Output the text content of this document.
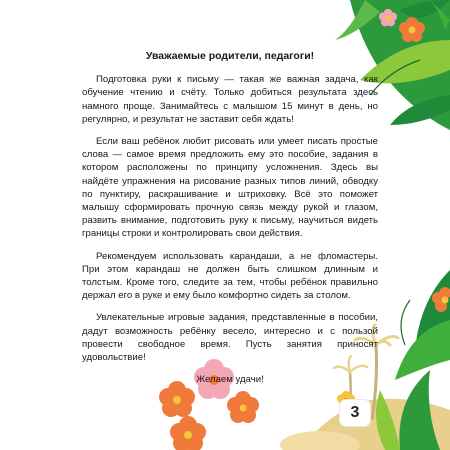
Уважаемые родители, педагоги!

Подготовка руки к письму — такая же важная задача, как обучение чтению и счёту. Только добиться результата здесь намного проще. Занимайтесь с малышом 15 минут в день, но регулярно, и результат не заставит себя ждать!

Если ваш ребёнок любит рисовать или умеет писать простые слова — самое время предложить ему это пособие, задания в котором расположены по принципу усложнения. Здесь вы найдёте упражнения на рисование разных типов линий, обводку по пунктиру, раскрашивание и штриховку. Всё это поможет малышу сформировать прочную связь между рукой и глазом, развить внимание, подготовить руку к письму, научиться видеть границы строки и контролировать свои действия.

Рекомендуем использовать карандаши, а не фломастеры. При этом карандаш не должен быть слишком длинным и толстым. Кроме того, следите за тем, чтобы ребёнок правильно держал его в руке и ему было комфортно сидеть за столом.

Увлекательные игровые задания, представленные в пособии, дадут возможность ребёнку весело, интересно и с пользой провести свободное время. Пусть занятия приносят удовольствие!

Желаем удачи!
3
